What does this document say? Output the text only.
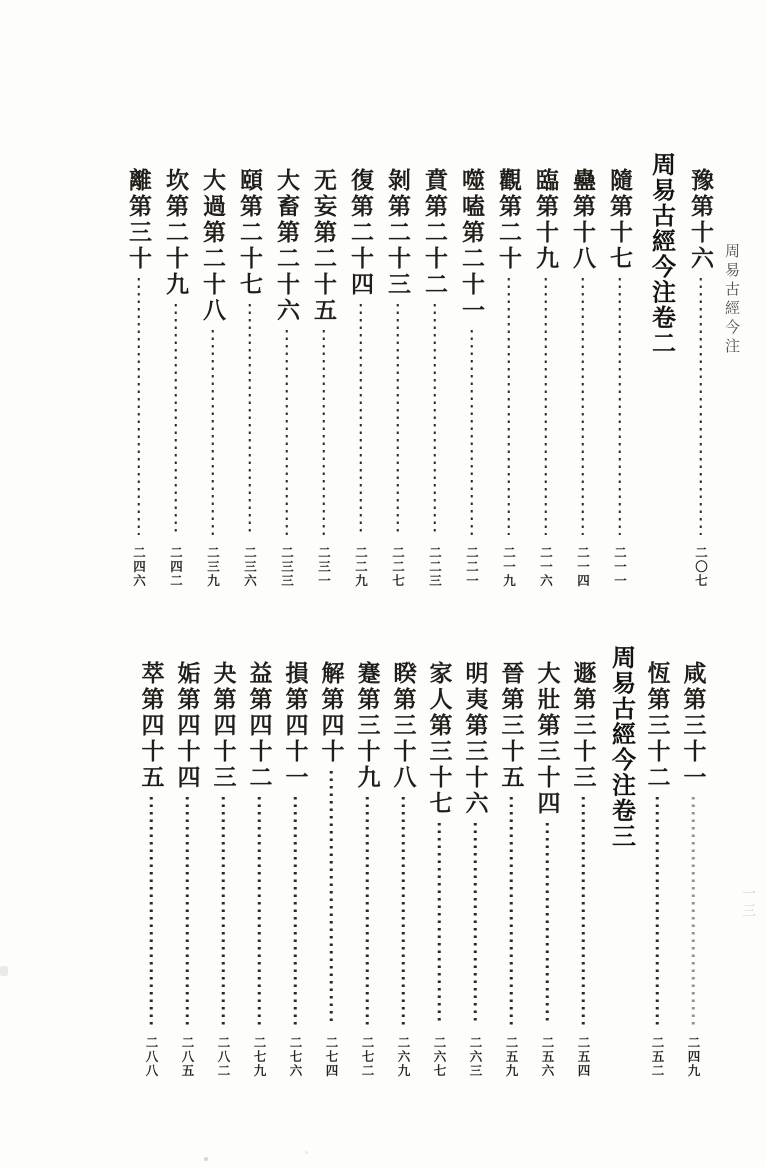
周易古經今注
豫第十六
二〇七
周易古經今注卷二
隨第十七
二一一
蠱第十八
二一四
臨第十九
二一六
觀第二十
二一九
噬嗑第二十一
二二一
賁第二十二
二二三
剝第二十三
二二七
復第二十四
二二九
无妄第二十五
二三一
大畜第二十六
二三三
頤第二十七
二三六
大過第二十八
二三九
坎第二十九
二四二
離第三十
二四六
咸第三十一
二四九
恆第三十二
二五二
周易古經今注卷三
遯第三十三
二五四
大壯第三十四
二五六
晉第三十五
二五九
明夷第三十六
二六三
家人第三十七
二六七
睽第三十八
二六九
蹇第三十九
二七二
解第四十
二七四
損第四十一
二七六
益第四十二
二七九
夬第四十三
二八二
姤第四十四
二八五
萃第四十五
二八八
一三
